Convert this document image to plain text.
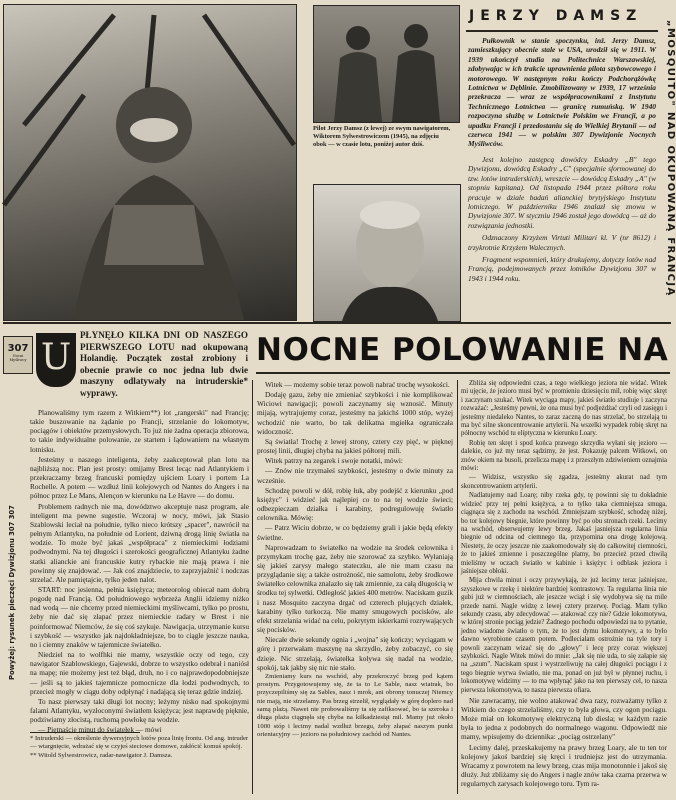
Pilot Jerzy Damsz (z lewej) ze swym nawigatorem, Wiktorem Sylwestrowiczem (1945), na zdjęciu obok — w czasie lotu, poniżej autor dziś.
JERZY DAMSZ
Pułkownik w stanie spoczynku, inż. Jerzy Damsz, zamieszkujący obecnie stale w USA, urodził się w 1911. W 1939 ukończył studia na Politechnice Warszawskiej, zdobywając w ich trakcie uprawnienia pilota szybowcowego i motorowego. W następnym roku kończy Podchorążówkę Lotnictwa w Dęblinie. Zmobilizowany w 1939, 17 września przekracza — wraz ze współpracownikami z Instytutu Technicznego Lotnictwa — granicę rumuńską. W 1940 rozpoczyna służbę w Lotnictwie Polskim we Francji, a po upadku Francji i przedostaniu się do Wielkiej Brytanii — od czerwca 1941 — w polskim 307 Dywizjonie Nocnych Myśliwców.
Jest kolejno zastępcą dowódcy Eskadry „B" tego Dywizjonu, dowódcą Eskadry „C" (specjalnie sformowanej do tzw. lotów intruderskich), wreszcie — dowódcą Eskadry „A" (w stopniu kapitana). Od listopada 1944 przez półtora roku pracuje w dziale badań alianckiej brytyjskiego Instytutu lotniczego. W październiku 1946 znalazł się znowu w Dywizjonie 307. W styczniu 1946 został jego dowódcą — aż do rozwiązania jednostki.
Odznaczony Krzyżem Virtuti Militari kl. V (nr 8612) i trzykrotnie Krzyżem Walecznych.
Fragment wspomnień, który drukujemy, dotyczy lotów nad Francją, podejmowanych przez lotników Dywizjonu 307 w 1943 i 1944 roku.	„MOSQUITO" NAD OKUPOWANĄ FRANCJĄ
307
Nocni Myśliwcy
Powyżej: rysunek pieczęci Dywizjonu 307 307
U
PŁYNĘŁO KILKA DNI OD NASZEGO PIERWSZEGO LOTU nad okupowaną Holandię. Początek został zrobiony i obecnie prawie co noc jedna lub dwie maszyny odlatywały na intruderskie* wyprawy.
NOCNE POLOWANIE NA

Planowaliśmy tym razem z Witkiem**) lot „rangerski" nad Francję; takie buszowanie na żądanie po Francji, strzelanie do lokomotyw, pociągów i obiektów przemysłowych. To już nie żadna operacja zbiorowa, to takie indywidualne polowanie, ze startem i lądowaniem na własnym lotnisku.

Jesteśmy u naszego inteligenta, żeby zaakceptował plan lotu na najbliższą noc. Plan jest prosty: omijamy Brest lecąc nad Atlantykiem i przekraczamy brzeg francuski pomiędzy ujściem Loary i portem La Rochelle. A potem — wzdłuż linii kolejowych od Nantes do Angers i na północ przez Le Mans, Alençon w kierunku na Le Havre — do domu.

Problemem radnych nie ma, dowództwo akceptuje nasz program, ale inteligent ma pewne sugestie. Wczoraj w nocy, mówi, jak Stasio Szablowski leciał na południe, tylko nieco krótszy „spacer", nawrócił na pełnym Atlantyku, na południe od Lorient, dziwną drogą linię światła na wodzie. To może być jakaś „współpraca" z niemieckimi łodziami podwodnymi. Na tej długości i szerokości geograficznej Atlantyku żadne statki alianckie ani francuskie kutry rybackie nie mają prawa i nie powinny się znajdować. — Jak coś znajdziecie, to zaprzyjaźnić i nodczas strzelać. Ale pamiętajcie, tylko jeden nalot.

START: noc jesienna, pełnia księżyca; meteorolog obiecał nam dobrą pogodę nad Francją. Od południowego wybrzeża Anglii idziemy niżko nad wodą — nie chcemy przed niemieckimi myśliwcami, tylko po prostu, żeby nie dać się złapać przez niemieckie radary w Brest i nie poinformować Niemców, że się coś szykuje. Nawigacja, utrzymanie kursu i szybkość — wszystko jak najdokładniejsze, bo to ciągle jeszcze nauka, no i ciemny znaków w tajemnicze światełko.

Niedziel na to wolfhki nie mamy, wszystkie oczy od tego, czy nawigator Szablowskiego, Gajewski, dobrze to wszystko odebrał i naniósł na mapę; nie możemy jest też błąd, druh, no i co najprawdopodobniejsze — jeśli są to jakieś tajemnicze pomocnicze dla łodzi podwodnych, to przecież mogły w ciągu doby odpłynąć i nadającą się teraz gdzie indziej.

To nasz pierwszy taki długi lot nocny; leżymy nisko nad spokojnymi falami Atlantyku, wyzłoconymi światłem księżyca; jest naprawdę pięknie, podziwiamy złocistą, ruchomą powłokę na wodzie.

— Piętnaście minut do światełek — mówi

* Intruderski — określenie dywersyjnych lotów poza linię frontu. Od ang. intruder — wtargnięcie, wdrażać się w czyjeś sieciowe domowe, zakłócić komuś spokój.
** Witold Sylwestrowicz, radar-nawigator J. Damsza.

Witek — możemy sobie teraz powoli nabrać trochę wysokości.

Dodaję gazu, żeby nie zmieniać szybkości i nie komplikować Wiciowi nawigacji; powoli zaczynamy się wznosić. Minuty mijają, wytrajujemy coraz, jesteśmy na jakichś 1000 stóp, wyżej wchodzić nie warto, bo tak delikatna mgiełka ograniczała widoczność.

Są światła! Trochę z lewej strony, cztery czy pięć, w pięknej prostej linii, długiej chyba na jakieś półtorej mili.

Witek patrzy na zegarek i swoje notatki, mówi:

— Znów nie trzymałeś szybkości, jesteśmy o dwie minuty za wcześnie.

Schodzę powoli w dół, robię łuk, aby podejść z kierunku „pod księżyc" i widzieć jak najlepiej co to na tej wodzie świeci; odbezpieczam działka i karabiny, podregulowuję światło celownika. Mówię:

— Patrz Wiciu dobrze, w co będziemy grali i jakie będą efekty świetlne.

Naprowadzam to światełko na wodzie na środek celownika i przymykam trochę gaz, żeby nie szorować za szybko. Wyłaniają się jakieś zarysy małego stateczku, ale nie mam czasu na przyglądanie się; a także ostrożność, nie samolotu, żeby środkowe światełko celownika znalazło się tak zmiennie, za całą długością w środku tej sylwetki. Odległość jakieś 400 metrów. Naciskam guzik i nasz Mosquito zaczyna drgać od czterech plujących działek, karabiny tylko turkoczą. Nie mamy smugowych pocisków, ale efekt strzelania widać na celu, pokrytym iskierkami rozrywających się pocisków.

Niecałe dwie sekundy ognia i „wojna" się kończy; wyciągam w górę i przerwałam maszynę na skrzydło, żeby zobaczyć, co się dzieje. Nic strzelają, światełka koływa się nadal na wodzie, spokój, tak jakby się nic nie stało.

Zmieniamy kurs na wschód, aby przekroczyć brzeg pod kątem prostym. Przygotowujemy się, że ta to Le Sable, nasz wiatrak, bo przyczepiliśmy się za Sables, nasz i mrok, ani obrony tonuczej Niemcy nie mają, nie strzelamy. Pas brzeg strzelił, wyglądały w górę doplero nad samą plażą. Nawet nie probowaliśmy ta się zafiksować, bo ta szeroka i długa plaża ciągnęła się chyba na kilkadziesiąt mil. Mamy już około 1000 stóp i lecimy nadal wzdłuż brzegu, żeby złapać naszym punkt orientacyjny — jezioro na południowy zachód od Nantes.

Zbliża się odpowiedni czas, a tego wielkiego jeziora nie widać. Witek mi ujęcie, że jezioro musi być w promieniu dziesięciu mil, robię więc skręt i zaczynam szukać. Witek wyciąga mapy, jakieś światło studiuje i zaczyna rozważać: „Jesteśmy pewni, że ona musi być podjeżdżać czyli od zasięgu i jesteśmy niedaleko Nantes, to zaraz zaczną do nas strzelać, bo strzelają tu ma być silne skoncentrowanie artylerii. Na wszelki wypadek robię skręt na północny wschód tu eliptyczna w kierunku Loary.

Robię ten skręt i spod końca prawego skrzydła wyłani się jezioro — dalekie, co już my teraz sądzimy, że jest. Pokazuję palcem Witkowi, on znów okiem na busoli, przelicza mapę i z przeszłym zdziwieniem oznajmia mówi:

— Widzisz, wszystko się zgadza, jesteśmy akurat nad tym skoncentrowaniem artylerii.

Nadlatujemy nad Loarę; niby rzeka gdy, tę powinni się tu dokładnie widzieć przy tej pełni księżyca, a to tylko taka ciemniejsza smuga, ciągnąca się z zachodu na wschód. Zmniejszam szybkość, schodzę niżej, bo tor kolejowy biegnie, które powinny być po obu stronach rzeki. Lecimy na wschód, obserwujemy lewy brzeg. Jakaś jasniejsza regularna linia biegnie od odcina od ciemnego tła, przypomina ona drogę kolejową. Niestety, że oczy jeszcze nie zaakomodowały się do całkowitej ciemności, że to jakieś zmienne i poszczególne plamy, bo przecież przed chwilą mieliśmy w oczach światło w kabinie i księżyc i odblask jeziora i jaśniejsze obłoki.

Mija chwila minut i oczy przywykają, że już lecimy teraz jaśniejsze, szyszkowe w rzekę i niektóre bardziej kontrastowy. Ta regularna linia nie gubi już w ciemnościach, ale jeszcze wciąż i się wydobywa się na mile przede nami. Nagle widzę z lewej cztery przerwę. Pociąg. Mam tylko sekundy czasu, aby zdecydować — atakować czy nie? Gdzie lokomotywa, w której stronie pociąg jedzie? Żadnego pochodu odpowiedzi na to pytanie, jedno wiadome światło o tym, że to jest dymu lokomotywy, a to było dawno wyrobione czasem potem. Podleciałam ostrożnie na tyle tory i powoli zaczynam wizać się do „głowy" i lecę przy coraz większej szybkości. Nagle Witek mówi do mnie: „Jak się nie uda, to się załapie się na „szum". Naciskam spust i wystrzeliwuję na całej długości pociągu i z tego biegnie wyrwa światło, nie ma, ponad on już był w płynnej ruchu, i lokomotywę widzimy — to ma wpłynąć jako na ten pierwszy cel, to nasza pierwsza lokomotywa, to nasza pierwsza ofiara.

Nie zawracamy, nie wolno atakować dwa razy, rozważamy tylko z Witkiem do czego strzelaliśmy, czy to była głowa, czy ogon pociągu. Może miał on lokomotywę elektryczną lub diesla; w każdym razie była to jedna z podobnych do normalnego wagonu. Odpowiedź nie mamy, wpisujemy do dziennika: „pociąg ostrzelany"

Lecimy dalej, przeskakujemy na prawy brzeg Loary, ale tu ten tor kolejowy jakoś bardziej się kręci i trudniejsz jest do utrzymania. Wracamy z powrotem na lewy brzeg, czas mija monotonnie i jakoś się dłuży. Już zbliżamy się do Angers i nagle znów taka czarna przerwa w regularnych zarysach kolejowego toru. Tym ra-
